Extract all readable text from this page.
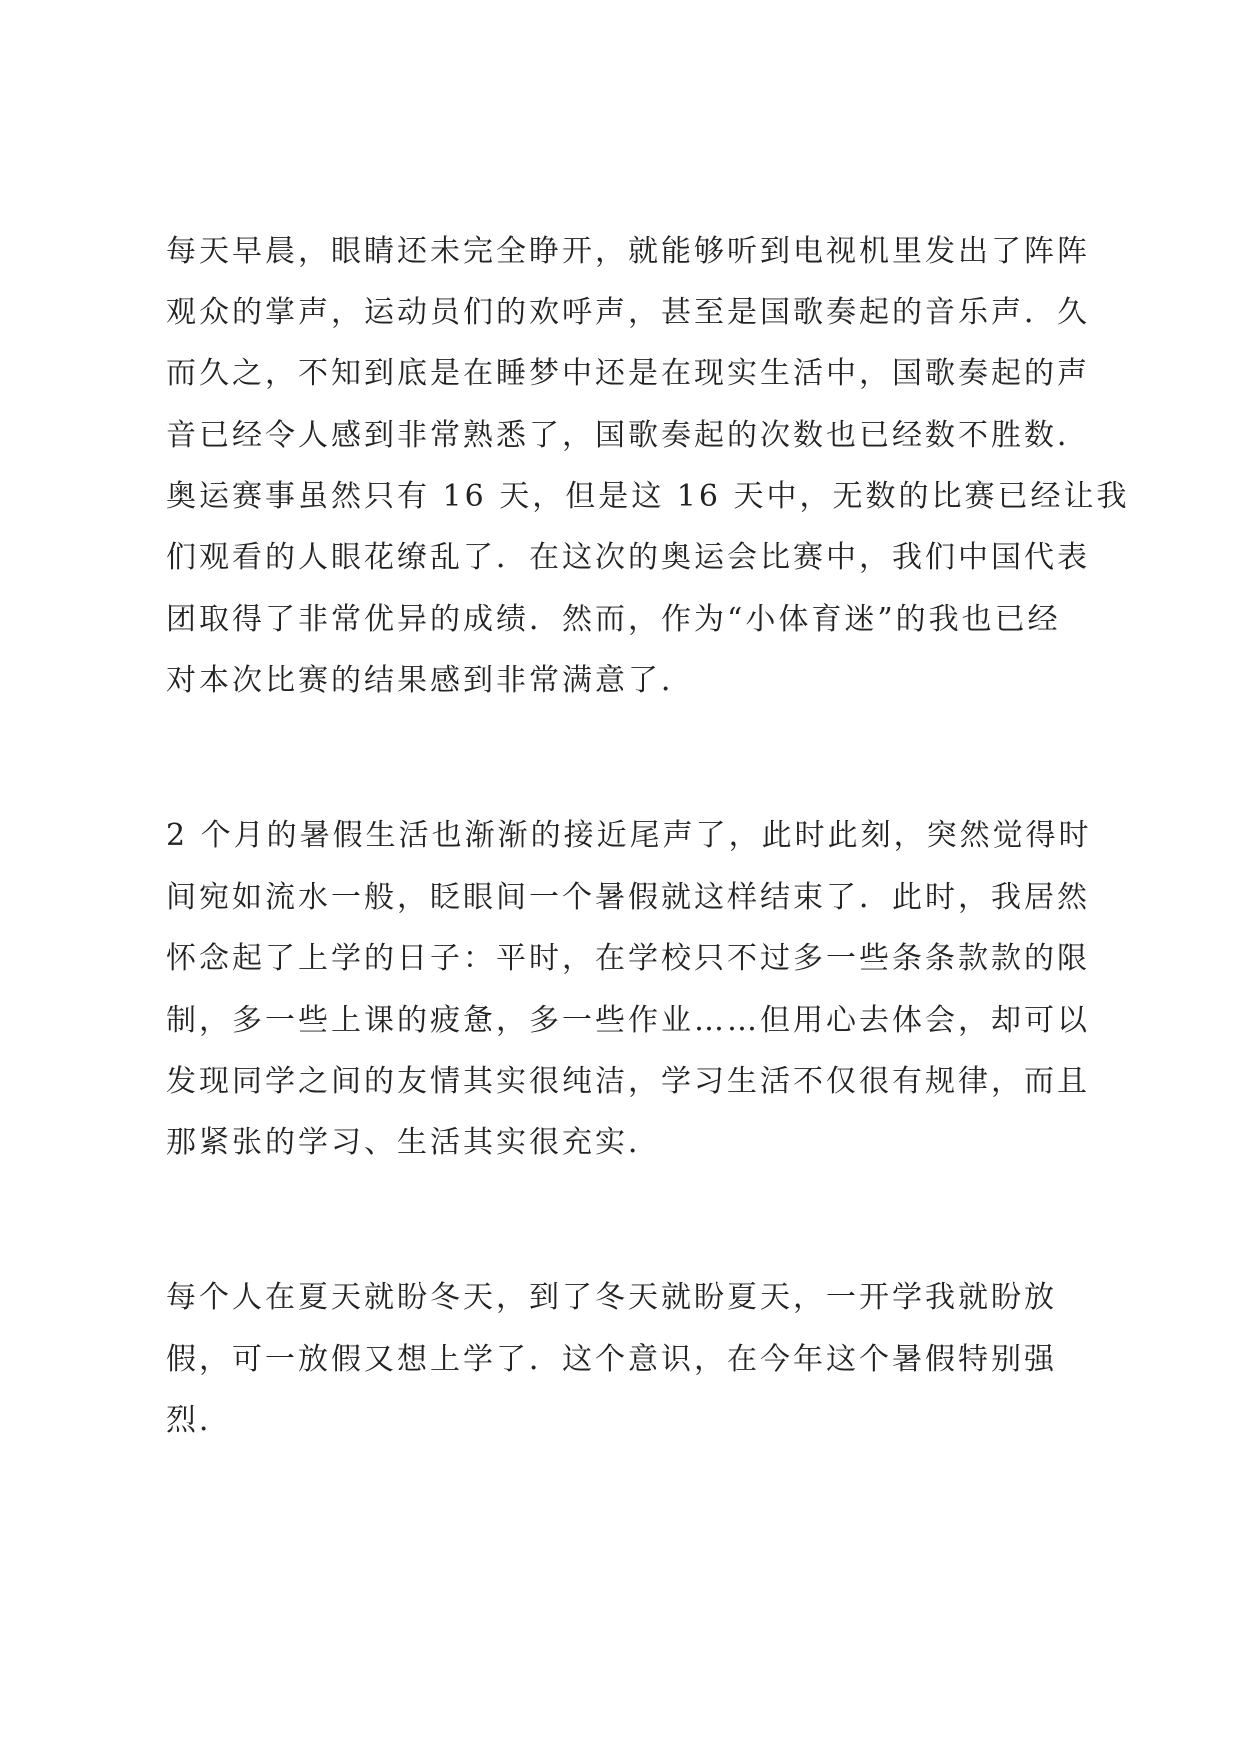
每天早晨，眼睛还未完全睁开，就能够听到电视机里发出了阵阵
观众的掌声，运动员们的欢呼声，甚至是国歌奏起的音乐声．久
而久之，不知到底是在睡梦中还是在现实生活中，国歌奏起的声
音已经令人感到非常熟悉了，国歌奏起的次数也已经数不胜数．
奥运赛事虽然只有 16 天，但是这 16 天中，无数的比赛已经让我
们观看的人眼花缭乱了．在这次的奥运会比赛中，我们中国代表
团取得了非常优异的成绩．然而，作为“小体育迷”的我也已经
对本次比赛的结果感到非常满意了．
2 个月的暑假生活也渐渐的接近尾声了，此时此刻，突然觉得时
间宛如流水一般，眨眼间一个暑假就这样结束了．此时，我居然
怀念起了上学的日子：平时，在学校只不过多一些条条款款的限
制，多一些上课的疲惫，多一些作业……但用心去体会，却可以
发现同学之间的友情其实很纯洁，学习生活不仅很有规律，而且
那紧张的学习、生活其实很充实．
每个人在夏天就盼冬天，到了冬天就盼夏天，一开学我就盼放
假，可一放假又想上学了．这个意识，在今年这个暑假特别强
烈．
